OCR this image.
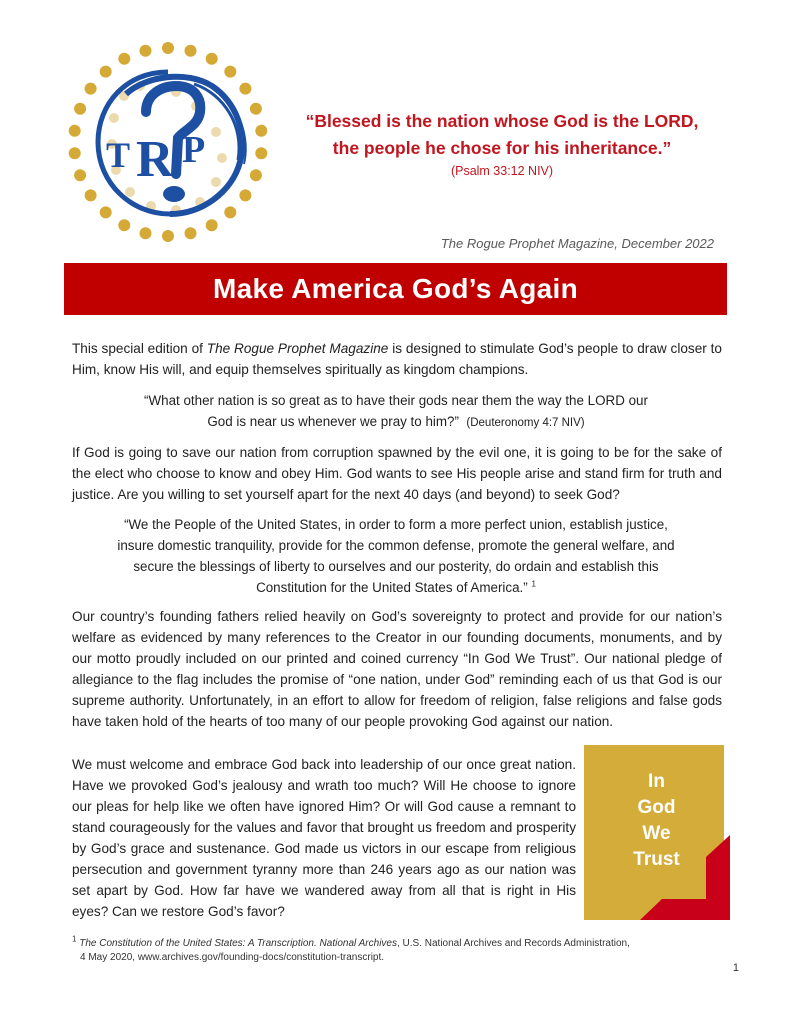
T R P
“Blessed is the nation whose God is the LORD,
the people he chose for his inheritance.”
(Psalm 33:12 NIV)
The Rogue Prophet Magazine, December 2022
Make America God’s Again
This special edition of The Rogue Prophet Magazine is designed to stimulate God’s people to draw closer to Him, know His will, and equip themselves spiritually as kingdom champions.
“What other nation is so great as to have their gods near them the way the LORD our
God is near us whenever we pray to him?” (Deuteronomy 4:7 NIV)
If God is going to save our nation from corruption spawned by the evil one, it is going to be for the sake of the elect who choose to know and obey Him. God wants to see His people arise and stand firm for truth and justice. Are you willing to set yourself apart for the next 40 days (and beyond) to seek God?
“We the People of the United States, in order to form a more perfect union, establish justice,
insure domestic tranquility, provide for the common defense, promote the general welfare, and
secure the blessings of liberty to ourselves and our posterity, do ordain and establish this
Constitution for the United States of America.” $^1$
Our country’s founding fathers relied heavily on God’s sovereignty to protect and provide for our nation’s welfare as evidenced by many references to the Creator in our founding documents, monuments, and by our motto proudly included on our printed and coined currency “In God We Trust”. Our national pledge of allegiance to the flag includes the promise of “one nation, under God” reminding each of us that God is our supreme authority. Unfortunately, in an effort to allow for freedom of religion, false religions and false gods have taken hold of the hearts of too many of our people provoking God against our nation.
We must welcome and embrace God back into leadership of our once great nation. Have we provoked God’s jealousy and wrath too much? Will He choose to ignore our pleas for help like we often have ignored Him? Or will God cause a remnant to stand courageously for the values and favor that brought us freedom and prosperity by God’s grace and sustenance. God made us victors in our escape from religious persecution and government tyranny more than 246 years ago as our nation was set apart by God. How far have we wandered away from all that is right in His eyes? Can we restore God’s favor?
In
God
We
Trust
$^1$ The Constitution of the United States: A Transcription. National Archives, U.S. National Archives and Records Administration,
4 May 2020, www.archives.gov/founding-docs/constitution-transcript.
1
